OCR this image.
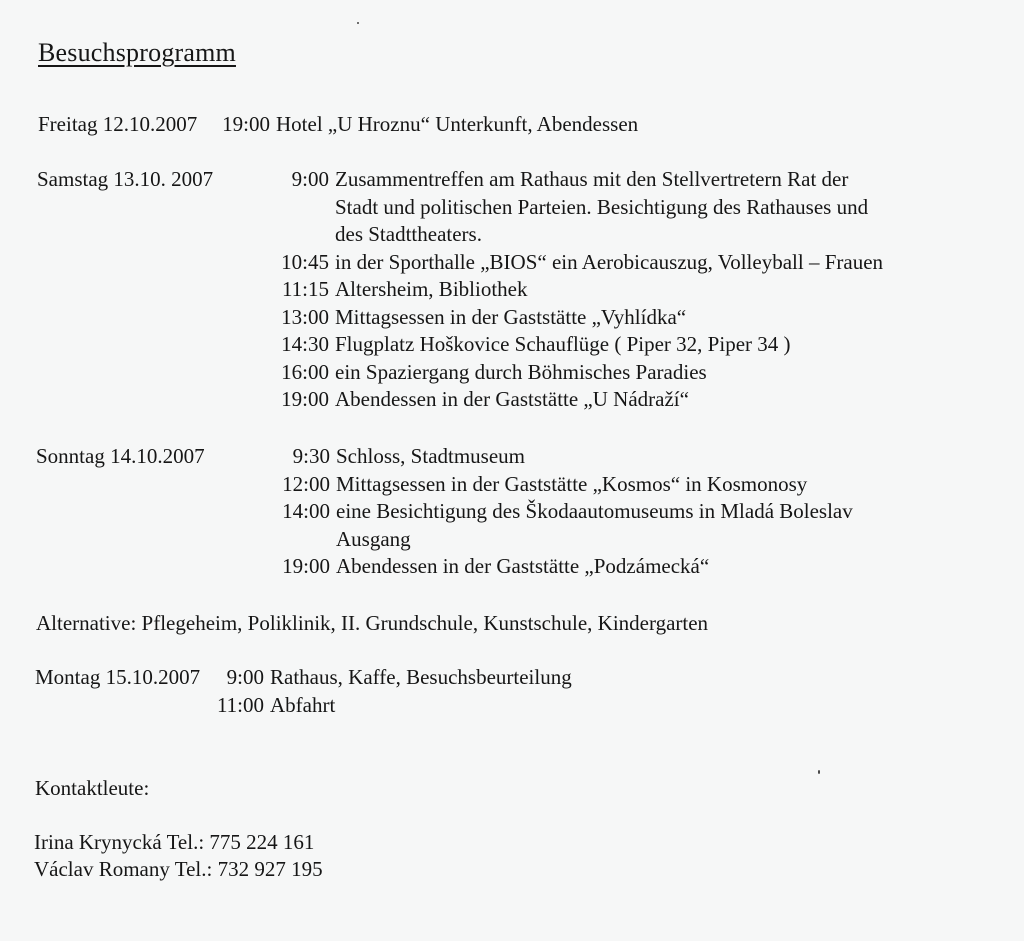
Besuchsprogramm
Freitag 12.10.2007	19:00 Hotel „U Hroznu“ Unterkunft, Abendessen
Samstag 13.10. 2007	9:00 Zusammentreffen am Rathaus mit den Stellvertretern Rat der
Stadt und politischen Parteien. Besichtigung des Rathauses und
des Stadttheaters.
10:45 in der Sporthalle „BIOS“ ein Aerobicauszug, Volleyball – Frauen
11:15 Altersheim, Bibliothek
13:00 Mittagsessen in der Gaststätte „Vyhlídka“
14:30 Flugplatz Hoškovice Schauflüge ( Piper 32, Piper 34 )
16:00 ein Spaziergang durch Böhmisches Paradies
19:00 Abendessen in der Gaststätte „U Nádraží“
Sonntag 14.10.2007	9:30 Schloss, Stadtmuseum
12:00 Mittagsessen in der Gaststätte „Kosmos“ in Kosmonosy
14:00 eine Besichtigung des Škodaautomuseums in Mladá Boleslav
Ausgang
19:00 Abendessen in der Gaststätte „Podzámecká“
Alternative: Pflegeheim, Poliklinik, II. Grundschule, Kunstschule, Kindergarten
Montag 15.10.2007	9:00 Rathaus, Kaffe, Besuchsbeurteilung
11:00 Abfahrt
Kontaktleute:
Irina Krynycká Tel.: 775 224 161
Václav Romany Tel.: 732 927 195
